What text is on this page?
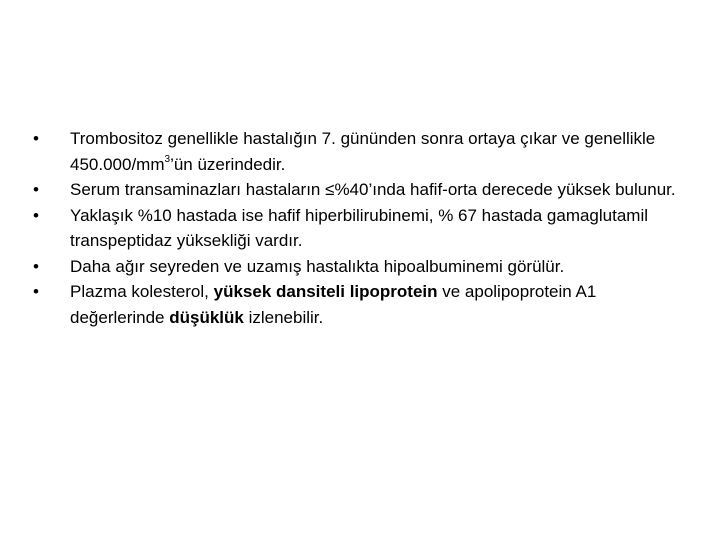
•	Trombositoz genellikle hastalığın 7. gününden sonra ortaya çıkar ve genellikle $450.000/mm^3’ün$ üzerindedir.
•	Serum transaminazları hastaların ≤%40’ında hafif-orta derecede yüksek bulunur.
•	Yaklaşık %10 hastada ise hafif hiperbilirubinemi, % 67 hastada gamaglutamil transpeptidaz yüksekliği vardır.
•	Daha ağır seyreden ve uzamış hastalıkta hipoalbuminemi görülür.
•	Plazma kolesterol, yüksek dansiteli lipoprotein ve apolipoprotein A1 değerlerinde düşüklük izlenebilir.
